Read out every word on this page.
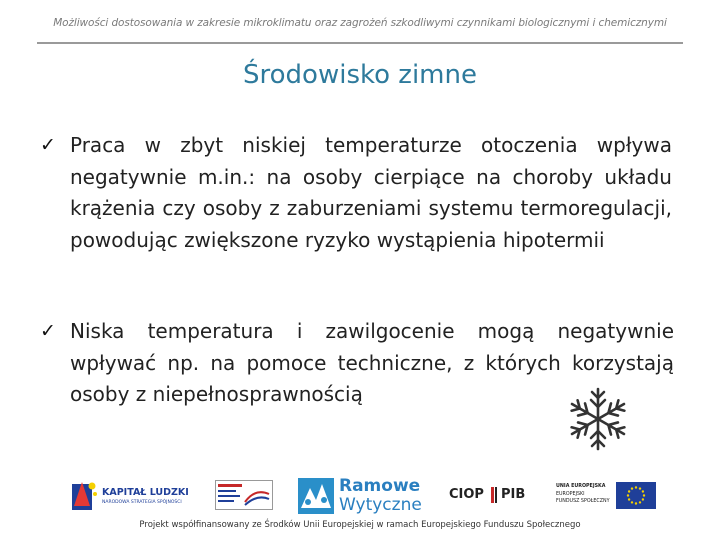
Możliwości dostosowania w zakresie mikroklimatu oraz zagrożeń szkodliwymi czynnikami biologicznymi i chemicznymi
Środowisko zimne
✓ Praca w zbyt niskiej temperaturze otoczenia wpływa negatywnie m.in.: na osoby cierpiące na choroby układu krążenia czy osoby z zaburzeniami systemu termoregulacji, powodując zwiększone ryzyko wystąpienia hipotermii
✓ Niska temperatura i zawilgocenie mogą negatywnie wpływać np. na pomoce techniczne, z których korzystają osoby z niepełnosprawnością
KAPITAŁ LUDZKI
NARODOWA STRATEGIA SPÓJNOŚCI
Ramowe
Wytyczne
CIOP PIB
UNIA EUROPEJSKA
EUROPEJSKI
FUNDUSZ SPOŁECZNY
Projekt współfinansowany ze Środków Unii Europejskiej w ramach Europejskiego Funduszu Społecznego
